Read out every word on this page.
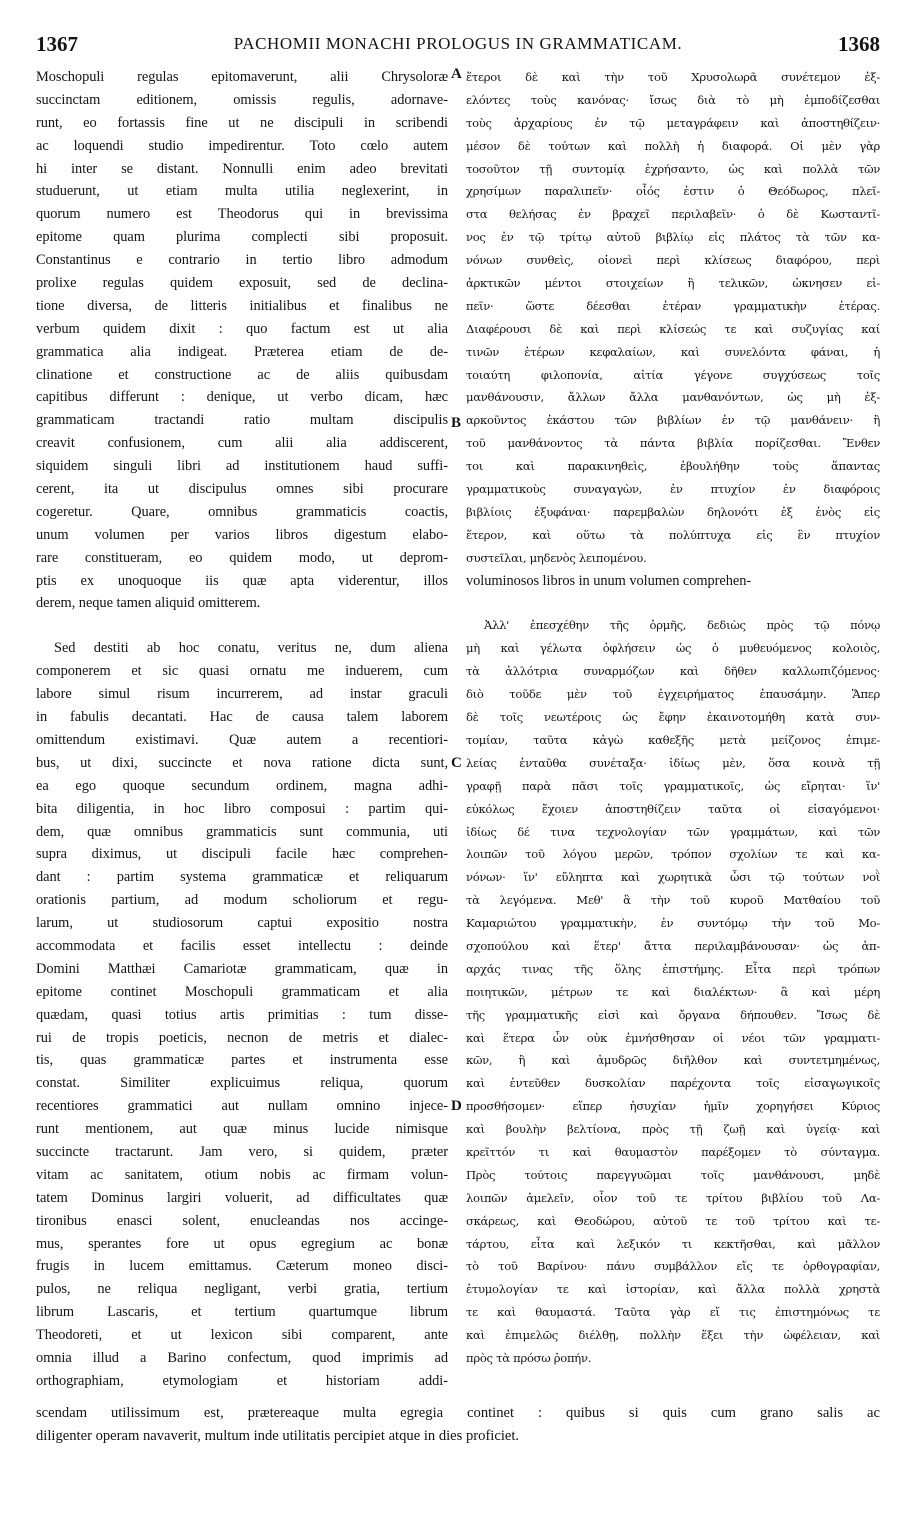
1367	PACHOMII MONACHI PROLOGUS IN GRAMMATICAM.	1368
A
B
C
D
Moschopuli regulas epitomaverunt, alii Chrysoloræ
succinctam editionem, omissis regulis, adornave-
runt, eo fortassis fine ut ne discipuli in scribendi
ac loquendi studio impedirentur. Toto cœlo autem
hi inter se distant. Nonnulli enim adeo brevitati
studuerunt, ut etiam multa utilia neglexerint, in
quorum numero est Theodorus qui in brevissima
epitome quam plurima complecti sibi proposuit.
Constantinus e contrario in tertio libro admodum
prolixe regulas quidem exposuit, sed de declina-
tione diversa, de litteris initialibus et finalibus ne
verbum quidem dixit : quo factum est ut alia
grammatica alia indigeat. Præterea etiam de de-
clinatione et constructione ac de aliis quibusdam
capitibus differunt : denique, ut verbo dicam, hæc
grammaticam tractandi ratio multam discipulis
creavit confusionem, cum alii alia addiscerent,
siquidem singuli libri ad institutionem haud suffi-
cerent, ita ut discipulus omnes sibi procurare
cogeretur. Quare, omnibus grammaticis coactis,
unum volumen per varios libros digestum elabo-
rare constitueram, eo quidem modo, ut deprom-
ptis ex unoquoque iis quæ apta viderentur, illos
derem, neque tamen aliquid omitterem.
Sed destiti ab hoc conatu, veritus ne, dum aliena
componerem et sic quasi ornatu me induerem, cum
labore simul risum incurrerem, ad instar graculi
in fabulis decantati. Hac de causa talem laborem
omittendum existimavi. Quæ autem a recentiori-
bus, ut dixi, succincte et nova ratione dicta sunt,
ea ego quoque secundum ordinem, magna adhi-
bita diligentia, in hoc libro composui : partim qui-
dem, quæ omnibus grammaticis sunt communia, uti
supra diximus, ut discipuli facile hæc comprehen-
dant : partim systema grammaticæ et reliquarum
orationis partium, ad modum scholiorum et regu-
larum, ut studiosorum captui expositio nostra
accommodata et facilis esset intellectu : deinde
Domini Matthæi Camariotæ grammaticam, quæ in
epitome continet Moschopuli grammaticam et alia
quædam, quasi totius artis primitias : tum disse-
rui de tropis poeticis, necnon de metris et dialec-
tis, quas grammaticæ partes et instrumenta esse
constat. Similiter explicuimus reliqua, quorum
recentiores grammatici aut nullam omnino injece-
runt mentionem, aut quæ minus lucide nimisque
succincte tractarunt. Jam vero, si quidem, præter
vitam ac sanitatem, otium nobis ac firmam volun-
tatem Dominus largiri voluerit, ad difficultates quæ
tironibus enasci solent, enucleandas nos accinge-
mus, sperantes fore ut opus egregium ac bonæ
frugis in lucem emittamus. Cæterum moneo disci-
pulos, ne reliqua negligant, verbi gratia, tertium
librum Lascaris, et tertium quartumque librum
Theodoreti, et ut lexicon sibi comparent, ante
omnia illud a Barino confectum, quod imprimis ad
orthographiam, etymologiam et historiam addi-
ἕτεροι δὲ καὶ τὴν τοῦ Χρυσολωρᾶ συνέτεμον ἐξ-
ελόντες τοὺς κανόνας· ἴσως διὰ τὸ μὴ ἐμποδίζεσθαι
τοὺς ἀρχαρίους ἐν τῷ μεταγράφειν καὶ ἀποστηθίζειν·
μέσον δὲ τούτων καὶ πολλὴ ἡ διαφορά. Οἱ μὲν γὰρ
τοσοῦτον τῇ συντομίᾳ ἐχρήσαντο, ὡς καὶ πολλὰ τῶν
χρησίμων παραλιπεῖν· οἷός ἐστιν ὁ Θεόδωρος, πλεῖ-
στα θελήσας ἐν βραχεῖ περιλαβεῖν· ὁ δὲ Κωσταντῖ-
νος ἐν τῷ τρίτῳ αὐτοῦ βιβλίῳ εἰς πλάτος τὰ τῶν κα-
νόνων συνθεὶς, οἱονεὶ περὶ κλίσεως διαφόρου, περὶ
ἀρκτικῶν μέντοι στοιχείων ἢ τελικῶν, ὠκνησεν εἰ-
πεῖν· ὥστε δέεσθαι ἑτέραν γραμματικὴν ἑτέρας.
Διαφέρουσι δὲ καὶ περὶ κλίσεώς τε καὶ συζυγίας καί
τινῶν ἑτέρων κεφαλαίων, καὶ συνελόντα φάναι, ἡ
τοιαύτη φιλοπονία, αἰτία γέγονε συγχύσεως τοῖς
μανθάνουσιν, ἄλλων ἄλλα μανθανόντων, ὡς μὴ ἐξ-
αρκοῦντος ἑκάστου τῶν βιβλίων ἐν τῷ μανθάνειν· ἢ
τοῦ μανθάνοντος τὰ πάντα βιβλία πορίζεσθαι. Ἔνθεν
τοι καὶ παρακινηθεὶς, ἐβουλήθην τοὺς ἅπαντας
γραμματικοὺς συναγαγὼν, ἐν πτυχίον ἐν διαφόροις
βιβλίοις ἐξυφάναι· παρεμβαλὼν δηλονότι ἐξ ἑνὸς εἰς
ἕτερον, καὶ οὕτω τὰ πολύπτυχα εἰς ἓν πτυχίον
συστεῖλαι, μηδενὸς λειπομένου.
voluminosos libros in unum volumen comprehen-
Ἀλλ' ἐπεσχέθην τῆς ὁρμῆς, δεδιὼς πρὸς τῷ πόνῳ
μὴ καὶ γέλωτα ὀφλήσειν ὡς ὁ μυθευόμενος κολοιὸς,
τὰ ἀλλότρια συναρμόζων καὶ δῆθεν καλλωπιζόμενος·
διὸ τοῦδε μὲν τοῦ ἐγχειρήματος ἐπαυσάμην. Ἅπερ
δὲ τοῖς νεωτέροις ὡς ἔφην ἐκαινοτομήθη κατὰ συν-
τομίαν, ταῦτα κἀγὼ καθεξῆς μετὰ μείζονος ἐπιμε-
λείας ἐνταῦθα συνέταξα· ἰδίως μὲν, ὅσα κοινὰ τῇ
γραφῇ παρὰ πᾶσι τοῖς γραμματικοῖς, ὡς εἴρηται· ἵν'
εὐκόλως ἔχοιεν ἀποστηθίζειν ταῦτα οἱ εἰσαγόμενοι·
ἰδίως δέ τινα τεχνολογίαν τῶν γραμμάτων, καὶ τῶν
λοιπῶν τοῦ λόγου μερῶν, τρόπον σχολίων τε καὶ κα-
νόνων· ἵν' εὔληπτα καὶ χωρητικὰ ὦσι τῷ τούτων νοῒ
τὰ λεγόμενα. Μεθ' ἃ τὴν τοῦ κυροῦ Ματθαίου τοῦ
Καμαριώτου γραμματικὴν, ἐν συντόμῳ τὴν τοῦ Μο-
σχοπούλου καὶ ἕτερ' ἄττα περιλαμβάνουσαν· ὡς ἀπ-
αρχάς τινας τῆς ὅλης ἐπιστήμης. Εἶτα περὶ τρόπων
ποιητικῶν, μέτρων τε καὶ διαλέκτων· ἃ καὶ μέρη
τῆς γραμματικῆς εἰσὶ καὶ ὄργανα δήπουθεν. Ἴσως δὲ
καὶ ἕτερα ὧν οὐκ ἐμνήσθησαν οἱ νέοι τῶν γραμματι-
κῶν, ἢ καὶ ἀμυδρῶς διῆλθον καὶ συντετμημένως,
καὶ ἐντεῦθεν δυσκολίαν παρέχοντα τοῖς εἰσαγωγικοῖς
προσθήσομεν· εἴπερ ἡσυχίαν ἡμῖν χορηγήσει Κύριος
καὶ βουλὴν βελτίονα, πρὸς τῇ ζωῇ καὶ ὑγείᾳ· καὶ
κρεῖττόν τι καὶ θαυμαστὸν παρέξομεν τὸ σύνταγμα.
Πρὸς τούτοις παρεγγυῶμαι τοῖς μανθάνουσι, μηδὲ
λοιπῶν ἀμελεῖν, οἷον τοῦ τε τρίτου βιβλίου τοῦ Λα-
σκάρεως, καὶ Θεοδώρου, αὐτοῦ τε τοῦ τρίτου καὶ τε-
τάρτου, εἶτα καὶ λεξικόν τι κεκτῆσθαι, καὶ μᾶλλον
τὸ τοῦ Βαρίνου· πάνυ συμβάλλον εἴς τε ὀρθογραφίαν,
ἐτυμολογίαν τε καὶ ἱστορίαν, καὶ ἄλλα πολλὰ χρηστὰ
τε καὶ θαυμαστά. Ταῦτα γὰρ εἴ τις ἐπιστημόνως τε
καὶ ἐπιμελῶς διέλθῃ, πολλὴν ἕξει τὴν ὠφέλειαν, καὶ
πρὸς τὰ πρόσω ῥοπήν.
scendam utilissimum est, prætereaque multa egregia continet : quibus si quis cum grano salis ac
diligenter operam navaverit, multum inde utilitatis percipiet atque in dies proficiet.
